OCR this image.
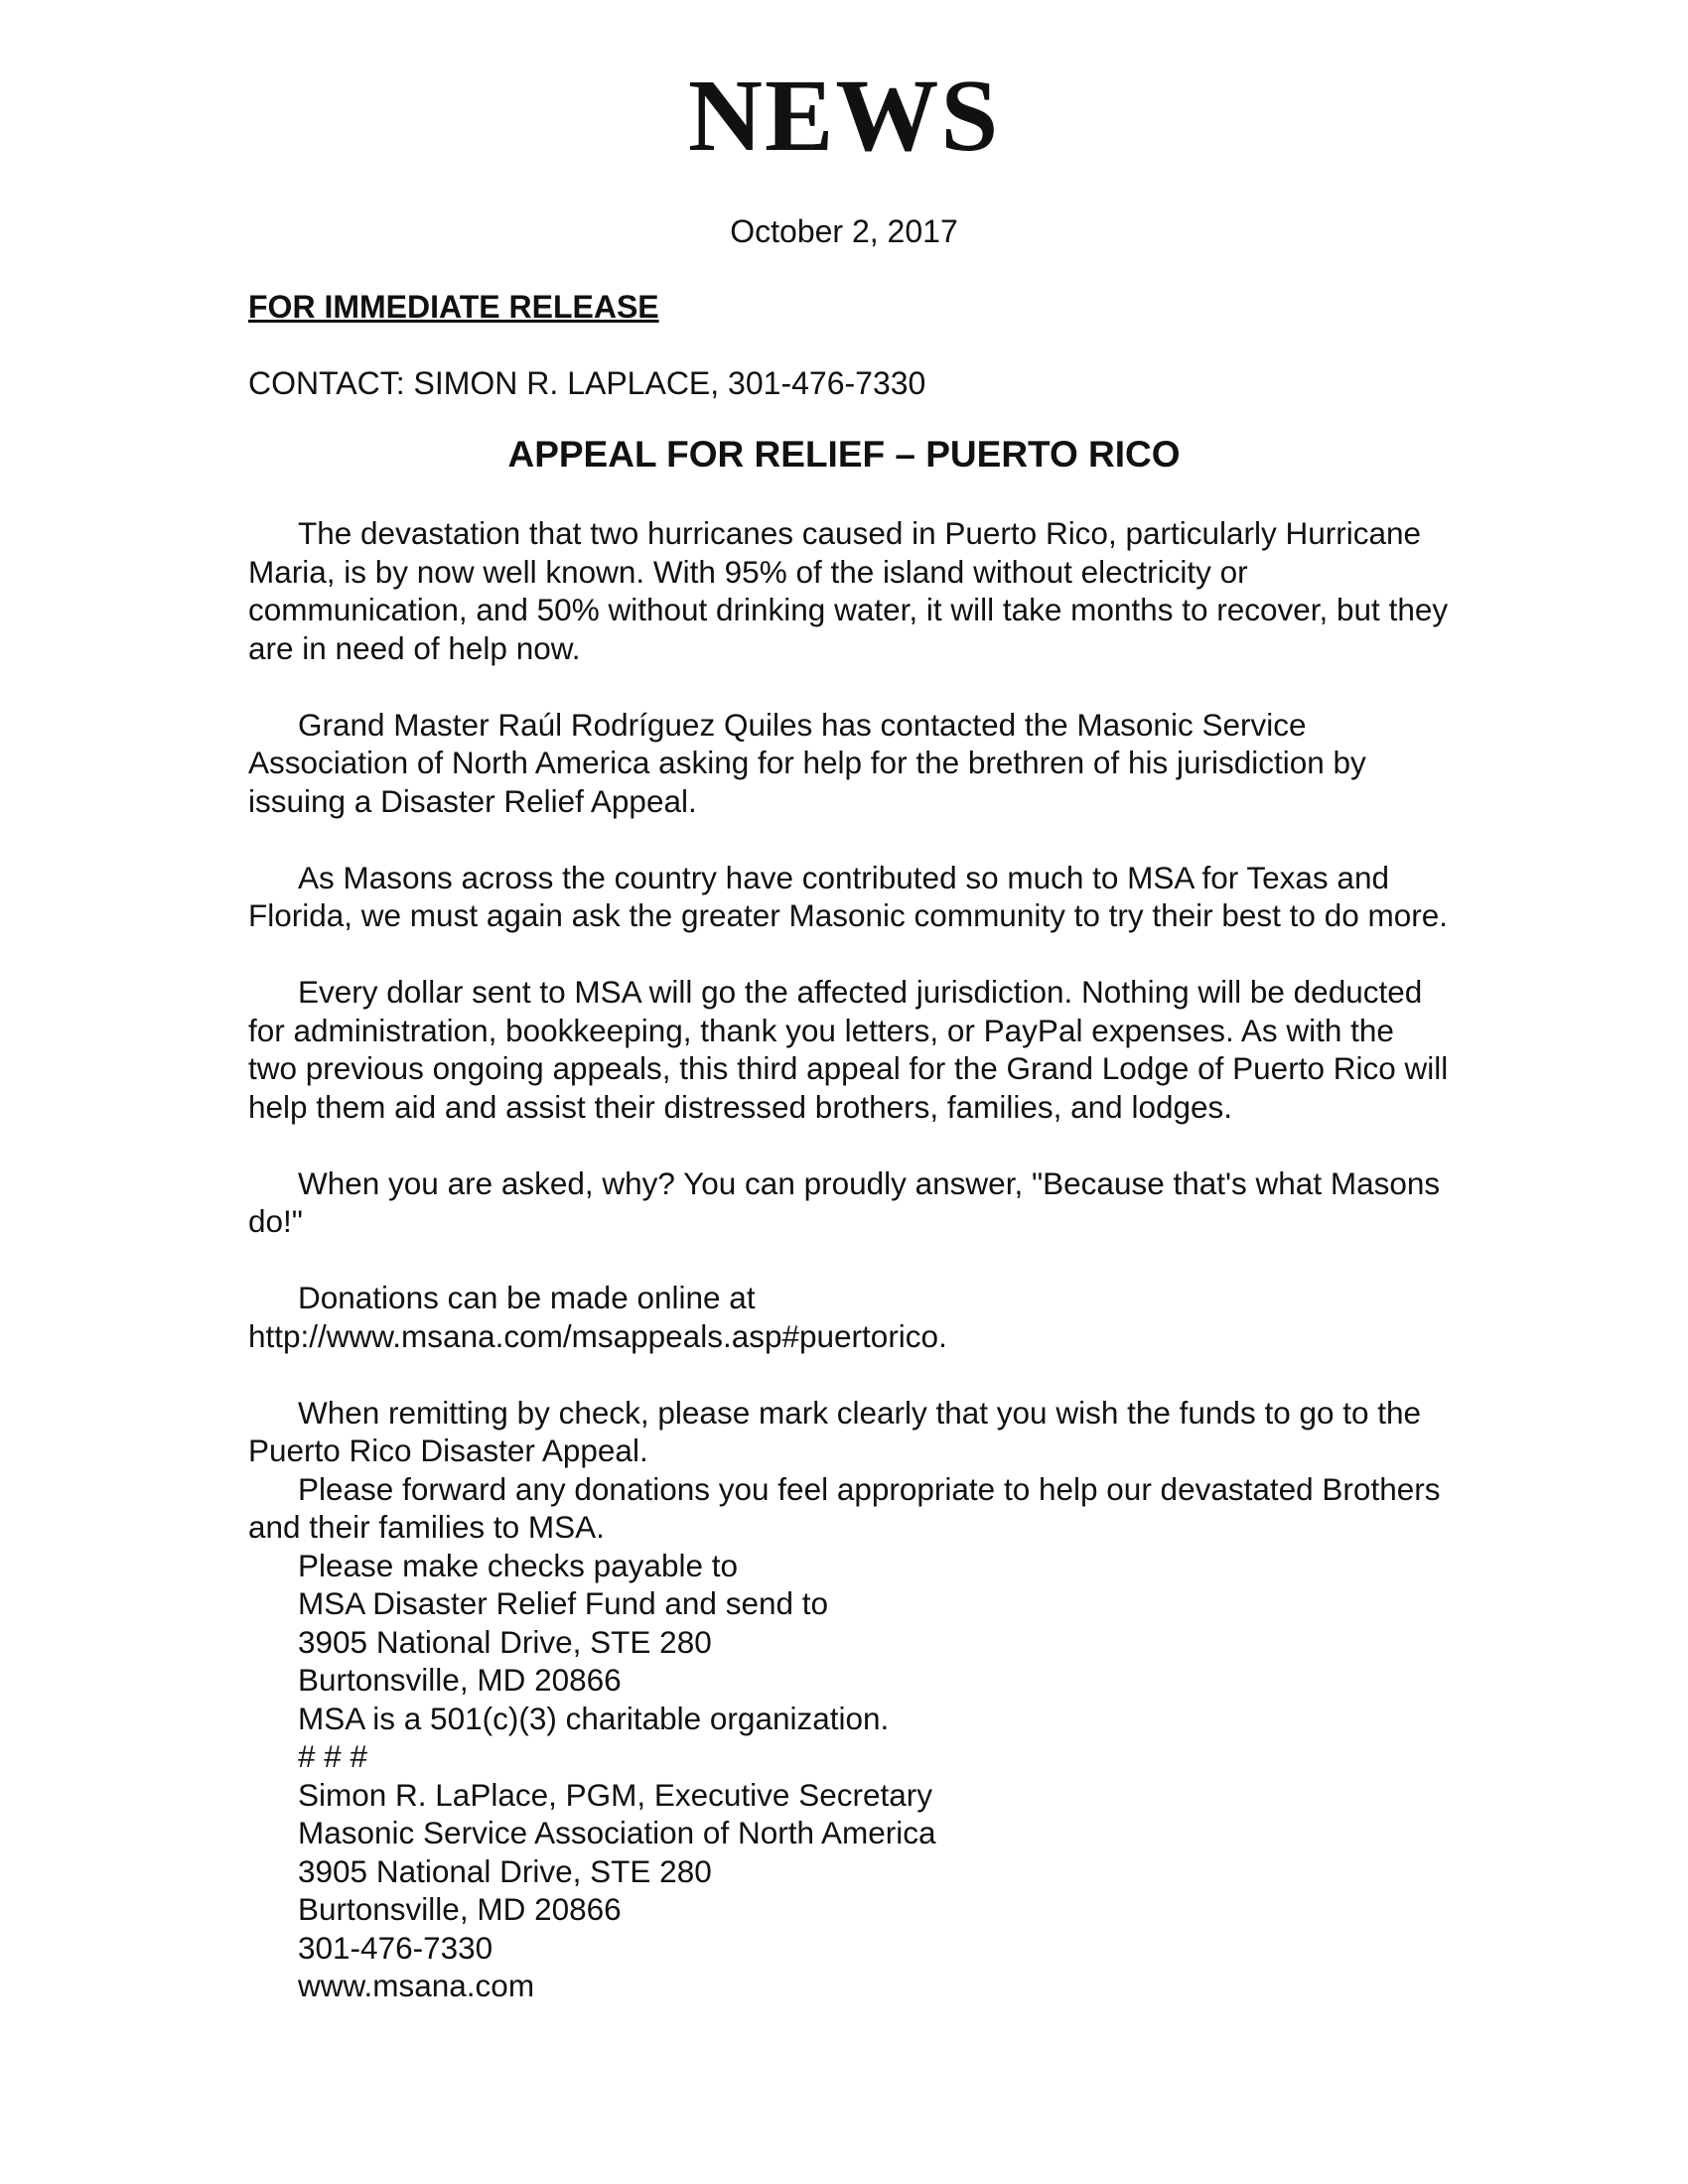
NEWS
October 2, 2017
FOR IMMEDIATE RELEASE
CONTACT: SIMON R. LAPLACE, 301-476-7330
APPEAL FOR RELIEF – PUERTO RICO

The devastation that two hurricanes caused in Puerto Rico, particularly Hurricane Maria, is by now well known. With 95% of the island without electricity or communication, and 50% without drinking water, it will take months to recover, but they are in need of help now.

Grand Master Raúl Rodríguez Quiles has contacted the Masonic Service Association of North America asking for help for the brethren of his jurisdiction by issuing a Disaster Relief Appeal.

As Masons across the country have contributed so much to MSA for Texas and Florida, we must again ask the greater Masonic community to try their best to do more.

Every dollar sent to MSA will go the affected jurisdiction. Nothing will be deducted for administration, bookkeeping, thank you letters, or PayPal expenses. As with the two previous ongoing appeals, this third appeal for the Grand Lodge of Puerto Rico will help them aid and assist their distressed brothers, families, and lodges.

When you are asked, why? You can proudly answer, "Because that's what Masons do!"

Donations can be made online at http://www.msana.com/msappeals.asp#puertorico.

When remitting by check, please mark clearly that you wish the funds to go to the Puerto Rico Disaster Appeal.

Please forward any donations you feel appropriate to help our devastated Brothers and their families to MSA.

Please make checks payable to
MSA Disaster Relief Fund and send to
3905 National Drive, STE 280
Burtonsville, MD 20866
MSA is a 501(c)(3) charitable organization.
# # #
Simon R. LaPlace, PGM, Executive Secretary
Masonic Service Association of North America
3905 National Drive, STE 280
Burtonsville, MD 20866
301-476-7330
www.msana.com
